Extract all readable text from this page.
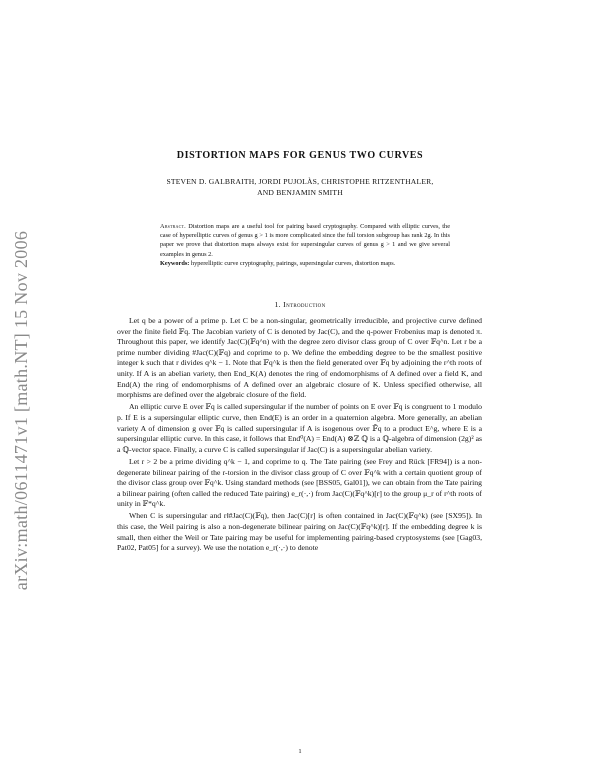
arXiv:math/0611471v1 [math.NT] 15 Nov 2006
DISTORTION MAPS FOR GENUS TWO CURVES
STEVEN D. GALBRAITH, JORDI PUJOLÀS, CHRISTOPHE RITZENTHALER,
AND BENJAMIN SMITH
Abstract. Distortion maps are a useful tool for pairing based cryptography. Compared with elliptic curves, the case of hyperelliptic curves of genus g > 1 is more complicated since the full torsion subgroup has rank 2g. In this paper we prove that distortion maps always exist for supersingular curves of genus g > 1 and we give several examples in genus 2.
Keywords: hyperelliptic curve cryptography, pairings, supersingular curves, distortion maps.
1. Introduction

Let q be a power of a prime p. Let C be a non-singular, geometrically irreducible, and projective curve defined over the finite field 𝔽q. The Jacobian variety of C is denoted by Jac(C), and the q-power Frobenius map is denoted π. Throughout this paper, we identify Jac(C)(𝔽q^n) with the degree zero divisor class group of C over 𝔽q^n. Let r be a prime number dividing #Jac(C)(𝔽q) and coprime to p. We define the embedding degree to be the smallest positive integer k such that r divides q^k − 1. Note that 𝔽q^k is then the field generated over 𝔽q by adjoining the r^th roots of unity. If A is an abelian variety, then End_K(A) denotes the ring of endomorphisms of A defined over a field K, and End(A) the ring of endomorphisms of A defined over an algebraic closure of K. Unless specified otherwise, all morphisms are defined over the algebraic closure of the field.

An elliptic curve E over 𝔽q is called supersingular if the number of points on E over 𝔽q is congruent to 1 modulo p. If E is a supersingular elliptic curve, then End(E) is an order in a quaternion algebra. More generally, an abelian variety A of dimension g over 𝔽q is called supersingular if A is isogenous over 𝔽̄q to a product E^g, where E is a supersingular elliptic curve. In this case, it follows that End⁰(A) = End(A) ⊗ℤ ℚ is a ℚ-algebra of dimension (2g)² as a ℚ-vector space. Finally, a curve C is called supersingular if Jac(C) is a supersingular abelian variety.

Let r > 2 be a prime dividing q^k − 1, and coprime to q. The Tate pairing (see Frey and Rück [FR94]) is a non-degenerate bilinear pairing of the r-torsion in the divisor class group of C over 𝔽q^k with a certain quotient group of the divisor class group over 𝔽q^k. Using standard methods (see [BSS05, Gal01]), we can obtain from the Tate pairing a bilinear pairing (often called the reduced Tate pairing) e_r(·,·) from Jac(C)(𝔽q^k)[r] to the group μ_r of r^th roots of unity in 𝔽*q^k.

When C is supersingular and r‖#Jac(C)(𝔽q), then Jac(C)[r] is often contained in Jac(C)(𝔽q^k) (see [SX95]). In this case, the Weil pairing is also a non-degenerate bilinear pairing on Jac(C)(𝔽q^k)[r]. If the embedding degree k is small, then either the Weil or Tate pairing may be useful for implementing pairing-based cryptosystems (see [Gag03, Pat02, Pat05] for a survey). We use the notation e_r(·,·) to denote

1
